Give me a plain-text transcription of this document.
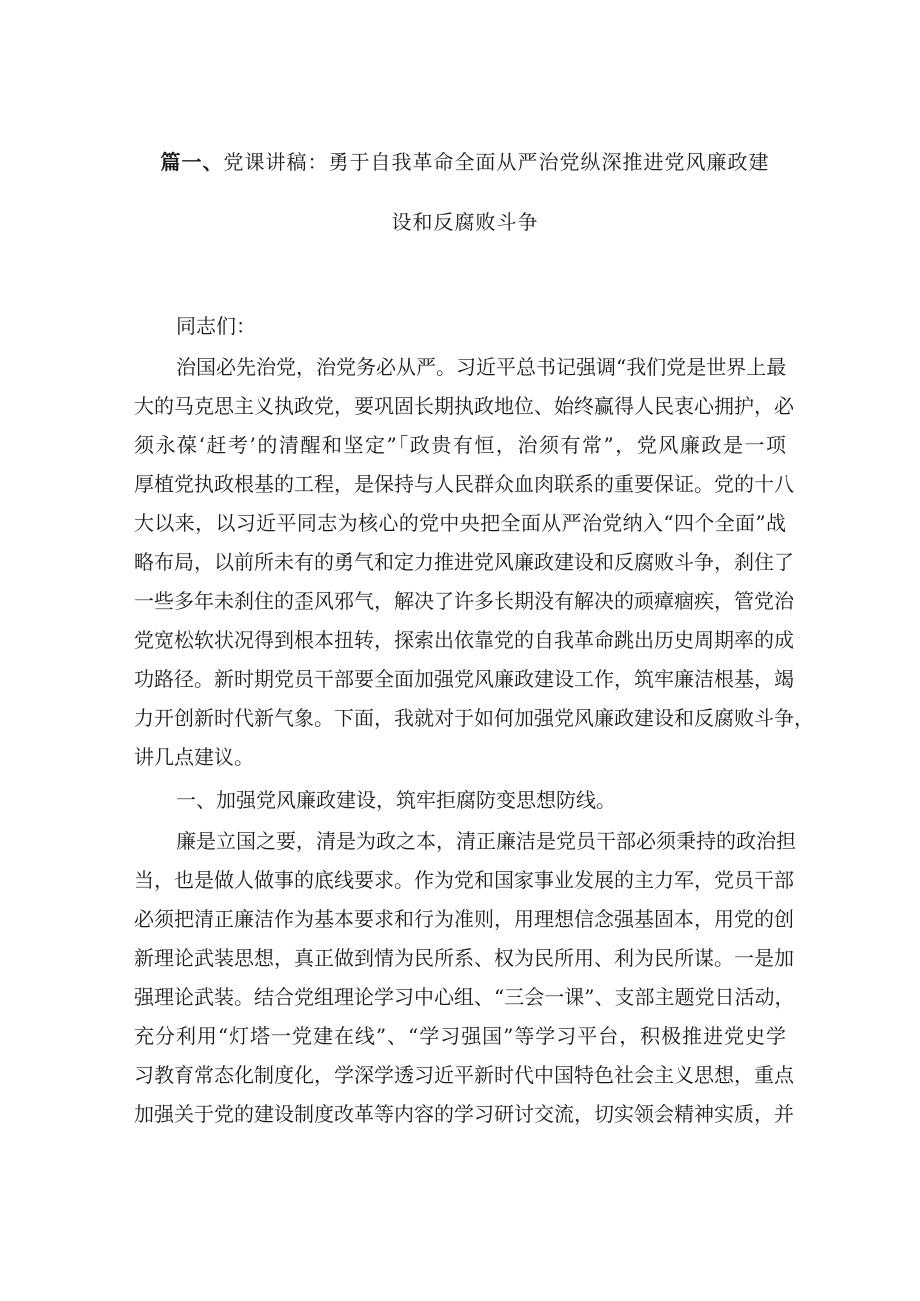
篇一、党课讲稿：勇于自我革命全面从严治党纵深推进党风廉政建
设和反腐败斗争
同志们：
治国必先治党，治党务必从严。习近平总书记强调“我们党是世界上最
大的马克思主义执政党，要巩固长期执政地位、始终赢得人民衷心拥护，必
须永葆‘赶考’的清醒和坚定”「政贵有恒，治须有常”，党风廉政是一项
厚植党执政根基的工程，是保持与人民群众血肉联系的重要保证。党的十八
大以来，以习近平同志为核心的党中央把全面从严治党纳入“四个全面”战
略布局，以前所未有的勇气和定力推进党风廉政建设和反腐败斗争，刹住了
一些多年未刹住的歪风邪气，解决了许多长期没有解决的顽瘴痼疾，管党治
党宽松软状况得到根本扭转，探索出依靠党的自我革命跳出历史周期率的成
功路径。新时期党员干部要全面加强党风廉政建设工作，筑牢廉洁根基，竭
力开创新时代新气象。下面，我就对于如何加强党风廉政建设和反腐败斗争，
讲几点建议。
一、加强党风廉政建设，筑牢拒腐防变思想防线。
廉是立国之要，清是为政之本，清正廉洁是党员干部必须秉持的政治担
当，也是做人做事的底线要求。作为党和国家事业发展的主力军，党员干部
必须把清正廉洁作为基本要求和行为准则，用理想信念强基固本，用党的创
新理论武装思想，真正做到情为民所系、权为民所用、利为民所谋。一是加
强理论武装。结合党组理论学习中心组、“三会一课”、支部主题党日活动，
充分利用“灯塔一党建在线”、“学习强国”等学习平台，积极推进党史学
习教育常态化制度化，学深学透习近平新时代中国特色社会主义思想，重点
加强关于党的建设制度改革等内容的学习研讨交流，切实领会精神实质，并
